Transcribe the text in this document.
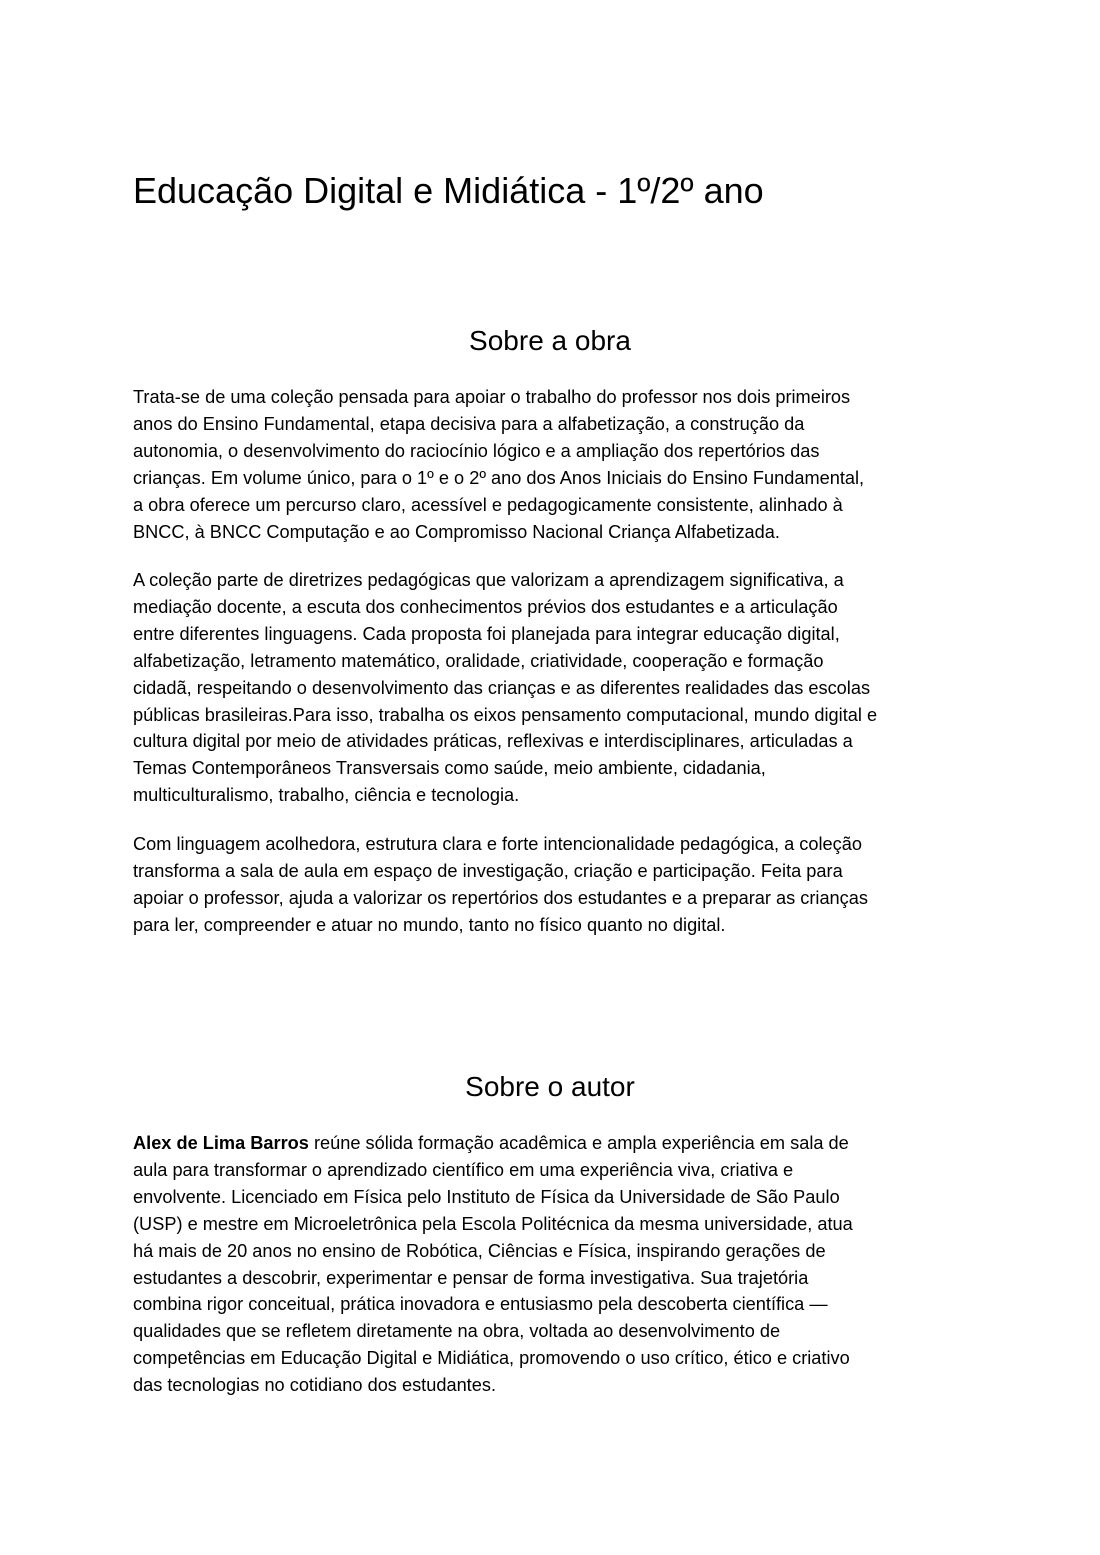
Educação Digital e Midiática - 1º/2º ano
Sobre a obra

Trata-se de uma coleção pensada para apoiar o trabalho do professor nos dois primeiros
anos do Ensino Fundamental, etapa decisiva para a alfabetização, a construção da
autonomia, o desenvolvimento do raciocínio lógico e a ampliação dos repertórios das
crianças. Em volume único, para o 1º e o 2º ano dos Anos Iniciais do Ensino Fundamental,
a obra oferece um percurso claro, acessível e pedagogicamente consistente, alinhado à
BNCC, à BNCC Computação e ao Compromisso Nacional Criança Alfabetizada.

A coleção parte de diretrizes pedagógicas que valorizam a aprendizagem significativa, a
mediação docente, a escuta dos conhecimentos prévios dos estudantes e a articulação
entre diferentes linguagens. Cada proposta foi planejada para integrar educação digital,
alfabetização, letramento matemático, oralidade, criatividade, cooperação e formação
cidadã, respeitando o desenvolvimento das crianças e as diferentes realidades das escolas
públicas brasileiras.Para isso, trabalha os eixos pensamento computacional, mundo digital e
cultura digital por meio de atividades práticas, reflexivas e interdisciplinares, articuladas a
Temas Contemporâneos Transversais como saúde, meio ambiente, cidadania,
multiculturalismo, trabalho, ciência e tecnologia.

Com linguagem acolhedora, estrutura clara e forte intencionalidade pedagógica, a coleção
transforma a sala de aula em espaço de investigação, criação e participação. Feita para
apoiar o professor, ajuda a valorizar os repertórios dos estudantes e a preparar as crianças
para ler, compreender e atuar no mundo, tanto no físico quanto no digital.

Sobre o autor

Alex de Lima Barros reúne sólida formação acadêmica e ampla experiência em sala de
aula para transformar o aprendizado científico em uma experiência viva, criativa e
envolvente. Licenciado em Física pelo Instituto de Física da Universidade de São Paulo
(USP) e mestre em Microeletrônica pela Escola Politécnica da mesma universidade, atua
há mais de 20 anos no ensino de Robótica, Ciências e Física, inspirando gerações de
estudantes a descobrir, experimentar e pensar de forma investigativa. Sua trajetória
combina rigor conceitual, prática inovadora e entusiasmo pela descoberta científica —
qualidades que se refletem diretamente na obra, voltada ao desenvolvimento de
competências em Educação Digital e Midiática, promovendo o uso crítico, ético e criativo
das tecnologias no cotidiano dos estudantes.
